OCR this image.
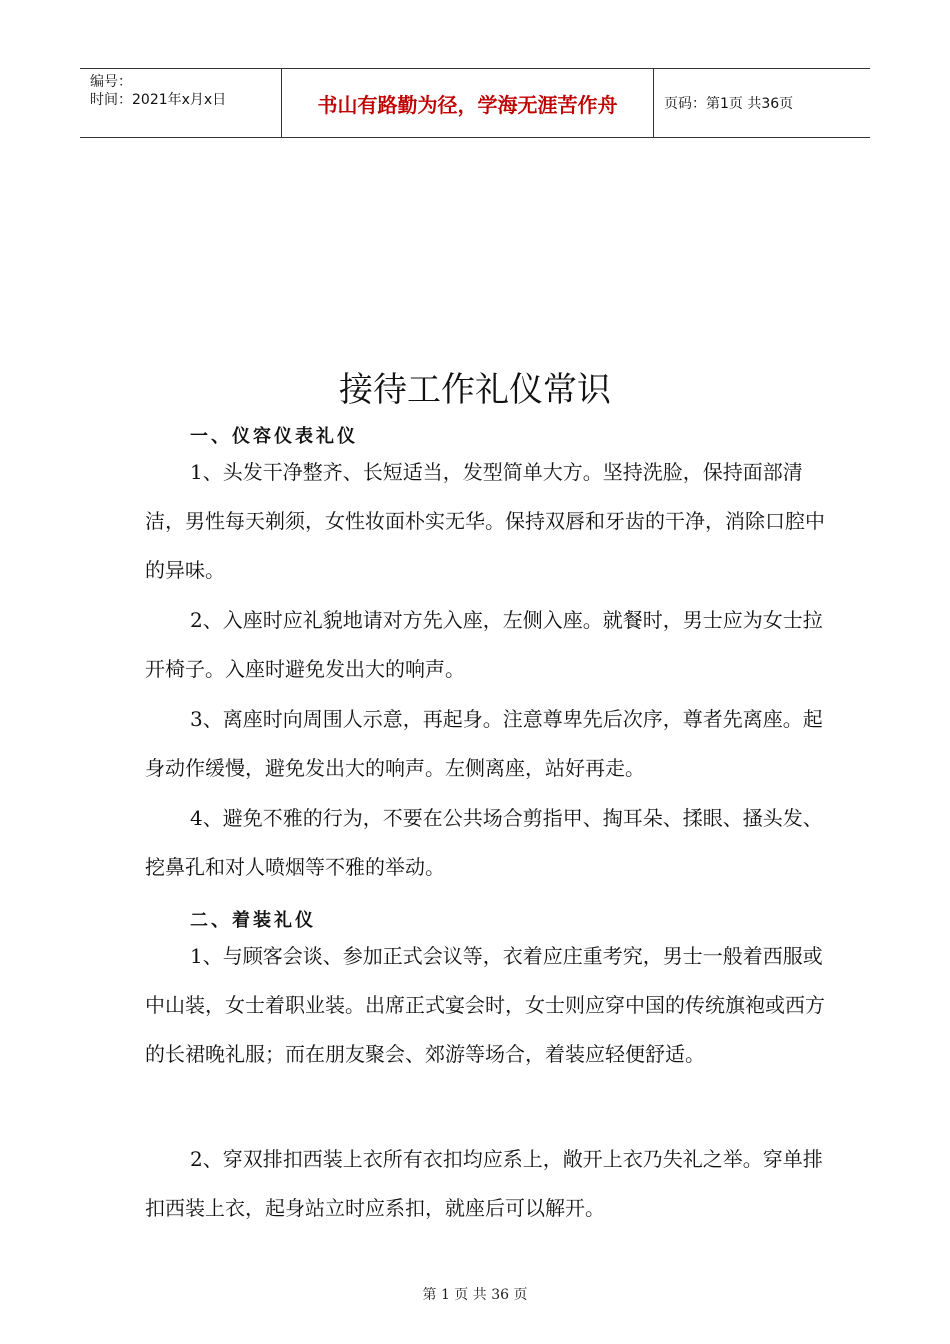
编号：
时间：2021年x月x日	书山有路勤为径，学海无涯苦作舟	页码：第1页 共36页
接待工作礼仪常识
一、仪容仪表礼仪

1、头发干净整齐、长短适当，发型简单大方。坚持洗脸，保持面部清洁，男性每天剃须，女性妆面朴实无华。保持双唇和牙齿的干净，消除口腔中的异味。

2、入座时应礼貌地请对方先入座，左侧入座。就餐时，男士应为女士拉开椅子。入座时避免发出大的响声。

3、离座时向周围人示意，再起身。注意尊卑先后次序，尊者先离座。起身动作缓慢，避免发出大的响声。左侧离座，站好再走。

4、避免不雅的行为，不要在公共场合剪指甲、掏耳朵、揉眼、搔头发、挖鼻孔和对人喷烟等不雅的举动。

二、着装礼仪

1、与顾客会谈、参加正式会议等，衣着应庄重考究，男士一般着西服或中山装，女士着职业装。出席正式宴会时，女士则应穿中国的传统旗袍或西方的长裙晚礼服；而在朋友聚会、郊游等场合，着装应轻便舒适。

2、穿双排扣西装上衣所有衣扣均应系上，敞开上衣乃失礼之举。穿单排扣西装上衣，起身站立时应系扣，就座后可以解开。

第 1 页 共 36 页
